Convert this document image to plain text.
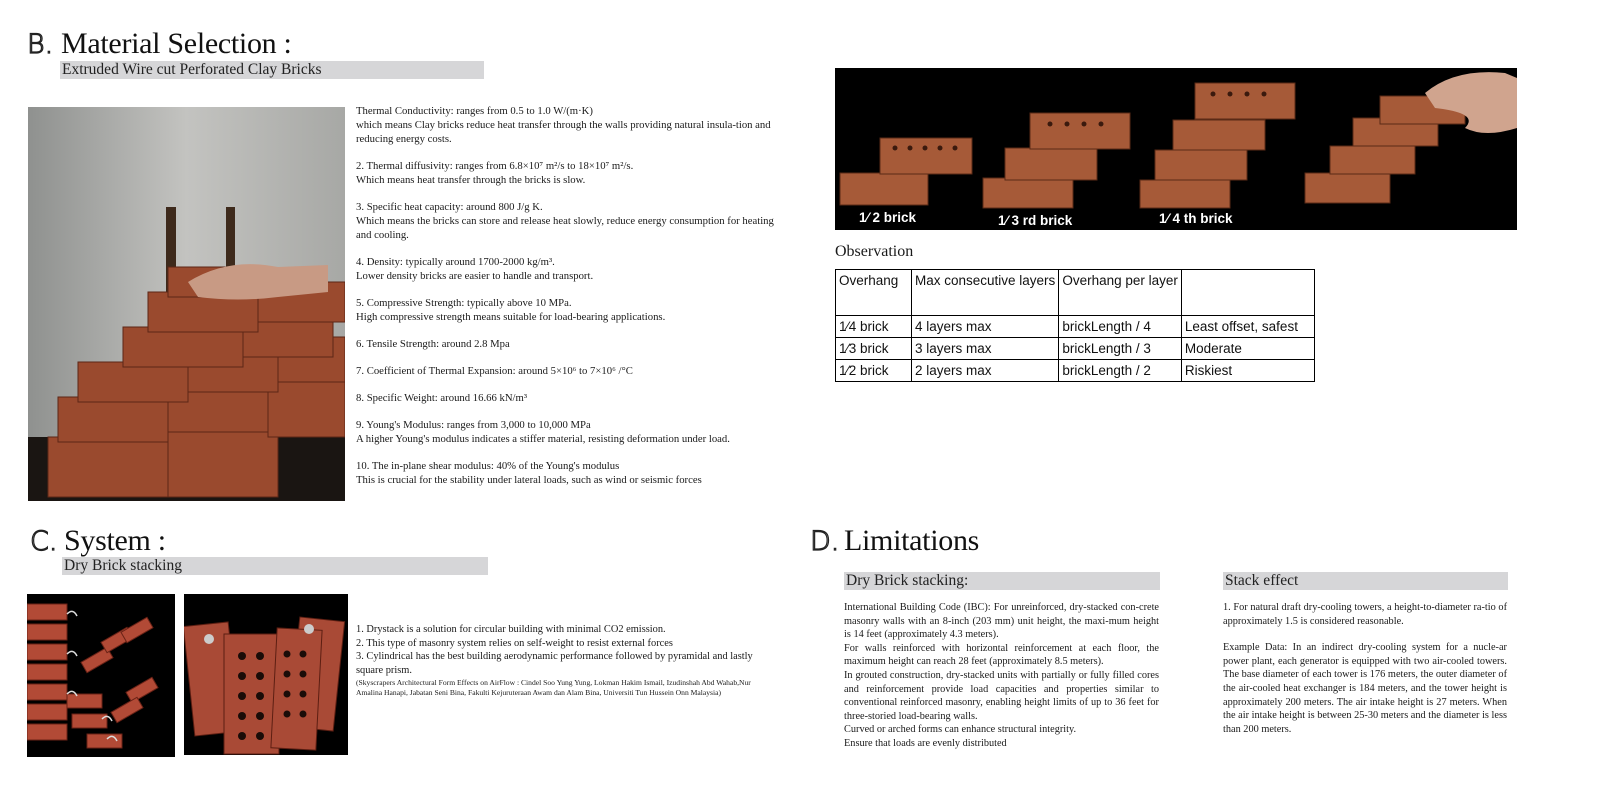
B. Material Selection :
Extruded Wire cut Perforated Clay Bricks

Thermal Conductivity: ranges from 0.5 to 1.0 W/(m·K)
which means Clay bricks reduce heat transfer through the walls providing natural insula-tion and reducing energy costs.

2. Thermal diffusivity: ranges from 6.8×10⁷ m²/s to 18×10⁷ m²/s.
Which means heat transfer through the bricks is slow.

3. Specific heat capacity: around 800 J/g K.
Which means the bricks can store and release heat slowly, reduce energy consumption for heating and cooling.

4. Density: typically around 1700-2000 kg/m³.
Lower density bricks are easier to handle and transport.

5. Compressive Strength: typically above 10 MPa.
High compressive strength means suitable for load-bearing applications.

6. Tensile Strength: around 2.8 Mpa

7. Coefficient of Thermal Expansion: around 5×10⁶ to 7×10⁶ /°C

8. Specific Weight: around 16.66 kN/m³

9. Young's Modulus: ranges from 3,000 to 10,000 MPa
A higher Young's modulus indicates a stiffer material, resisting deformation under load.

10. The in-plane shear modulus: 40% of the Young's modulus
This is crucial for the stability under lateral loads, such as wind or seismic forces

1⁄ 2 brick	1⁄ 3 rd brick	1⁄ 4 th brick
Observation
Overhang	Max consecutive layers	Overhang per layer	
1⁄4 brick	4 layers max	brickLength / 4	Least offset, safest
1⁄3 brick	3 layers max	brickLength / 3	Moderate
1⁄2 brick	2 layers max	brickLength / 2	Riskiest
C. System :
Dry Brick stacking
1. Drystack is a solution for circular building with minimal CO2 emission.
2. This type of masonry system relies on self-weight to resist external forces
3. Cylindrical has the best building aerodynamic performance followed by pyramidal and lastly square prism.
(Skyscrapers Architectural Form Effects on AirFlow : Cindel Soo Yung Yung, Lokman Hakim Ismail, Izudinshah Abd Wahab,Nur Amalina Hanapi, Jabatan Seni Bina, Fakulti Kejuruteraan Awam dan Alam Bina, Universiti Tun Hussein Onn Malaysia)
D. Limitations
Dry Brick stacking:

International Building Code (IBC): For unreinforced, dry-stacked con-crete masonry walls with an 8-inch (203 mm) unit height, the maxi-mum height is 14 feet (approximately 4.3 meters).

For walls reinforced with horizontal reinforcement at each floor, the maximum height can reach 28 feet (approximately 8.5 meters).

In grouted construction, dry-stacked units with partially or fully filled cores and reinforcement provide load capacities and properties similar to conventional reinforced masonry, enabling height limits of up to 36 feet for three-storied load-bearing walls.

Curved or arched forms can enhance structural integrity.

Ensure that loads are evenly distributed

Stack effect

1. For natural draft dry-cooling towers, a height-to-diameter ra-tio of approximately 1.5 is considered reasonable.

Example Data: In an indirect dry-cooling system for a nucle-ar power plant, each generator is equipped with two air-cooled towers. The base diameter of each tower is 176 meters, the outer diameter of the air-cooled heat exchanger is 184 meters, and the tower height is approximately 200 meters. The air intake height is 27 meters. When the air intake height is between 25-30 meters and the diameter is less than 200 meters.
